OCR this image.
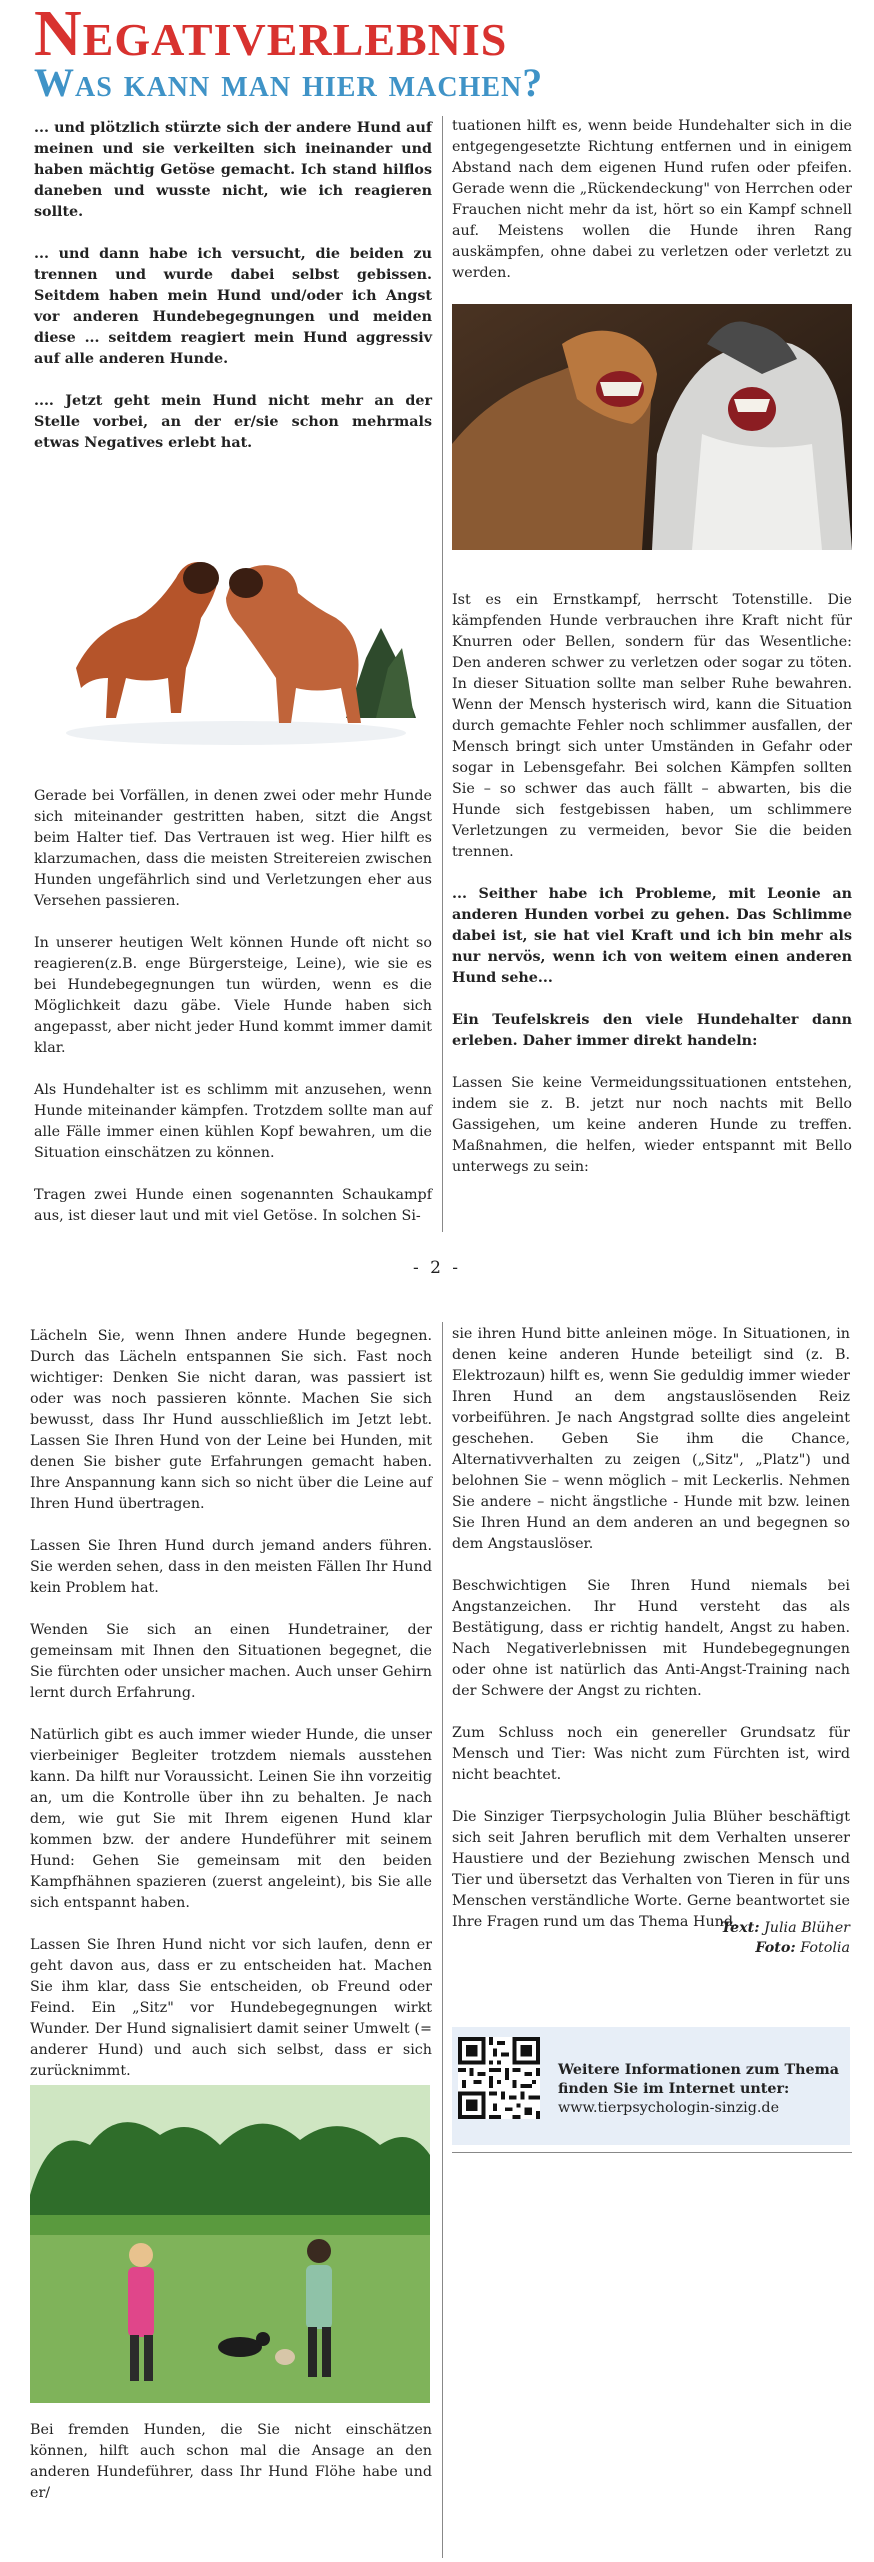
Negativerlebnis
Was kann man hier machen?

... und plötzlich stürzte sich der andere Hund auf meinen und sie verkeilten sich ineinander und haben mächtig Getöse gemacht. Ich stand hilflos daneben und wusste nicht, wie ich reagieren sollte.

... und dann habe ich versucht, die beiden zu trennen und wurde dabei selbst gebissen. Seitdem haben mein Hund und/oder ich Angst vor anderen Hundebegegnungen und meiden diese ... seitdem reagiert mein Hund aggressiv auf alle anderen Hunde.

.... Jetzt geht mein Hund nicht mehr an der Stelle vorbei, an der er/sie schon mehrmals etwas Negatives erlebt hat.

Gerade bei Vorfällen, in denen zwei oder mehr Hunde sich miteinander gestritten haben, sitzt die Angst beim Halter tief. Das Vertrauen ist weg. Hier hilft es klarzumachen, dass die meisten Streitereien zwischen Hunden ungefährlich sind und Verletzungen eher aus Versehen passieren.

In unserer heutigen Welt können Hunde oft nicht so reagieren(z.B. enge Bürgersteige, Leine), wie sie es bei Hundebegegnungen tun würden, wenn es die Möglichkeit dazu gäbe. Viele Hunde haben sich angepasst, aber nicht jeder Hund kommt immer damit klar.

Als Hundehalter ist es schlimm mit anzusehen, wenn Hunde miteinander kämpfen. Trotzdem sollte man auf alle Fälle immer einen kühlen Kopf bewahren, um die Situation einschätzen zu können.

Tragen zwei Hunde einen sogenannten Schaukampf aus, ist dieser laut und mit viel Getöse. In solchen Si-

tuationen hilft es, wenn beide Hundehalter sich in die entgegengesetzte Richtung entfernen und in einigem Abstand nach dem eigenen Hund rufen oder pfeifen. Gerade wenn die „Rückendeckung" von Herrchen oder Frauchen nicht mehr da ist, hört so ein Kampf schnell auf. Meistens wollen die Hunde ihren Rang auskämpfen, ohne dabei zu verletzen oder verletzt zu werden.

Ist es ein Ernstkampf, herrscht Totenstille. Die kämpfenden Hunde verbrauchen ihre Kraft nicht für Knurren oder Bellen, sondern für das Wesentliche: Den anderen schwer zu verletzen oder sogar zu töten. In dieser Situation sollte man selber Ruhe bewahren. Wenn der Mensch hysterisch wird, kann die Situation durch gemachte Fehler noch schlimmer ausfallen, der Mensch bringt sich unter Umständen in Gefahr oder sogar in Lebensgefahr. Bei solchen Kämpfen sollten Sie – so schwer das auch fällt – abwarten, bis die Hunde sich festgebissen haben, um schlimmere Verletzungen zu vermeiden, bevor Sie die beiden trennen.

... Seither habe ich Probleme, mit Leonie an anderen Hunden vorbei zu gehen. Das Schlimme dabei ist, sie hat viel Kraft und ich bin mehr als nur nervös, wenn ich von weitem einen anderen Hund sehe...

Ein Teufelskreis den viele Hundehalter dann erleben. Daher immer direkt handeln:

Lassen Sie keine Vermeidungssituationen entstehen, indem sie z. B. jetzt nur noch nachts mit Bello Gassigehen, um keine anderen Hunde zu treffen. Maßnahmen, die helfen, wieder entspannt mit Bello unterwegs zu sein:

- 2 -

Lächeln Sie, wenn Ihnen andere Hunde begegnen. Durch das Lächeln entspannen Sie sich. Fast noch wichtiger: Denken Sie nicht daran, was passiert ist oder was noch passieren könnte. Machen Sie sich bewusst, dass Ihr Hund ausschließlich im Jetzt lebt. Lassen Sie Ihren Hund von der Leine bei Hunden, mit denen Sie bisher gute Erfahrungen gemacht haben. Ihre Anspannung kann sich so nicht über die Leine auf Ihren Hund übertragen.

Lassen Sie Ihren Hund durch jemand anders führen. Sie werden sehen, dass in den meisten Fällen Ihr Hund kein Problem hat.

Wenden Sie sich an einen Hundetrainer, der gemeinsam mit Ihnen den Situationen begegnet, die Sie fürchten oder unsicher machen. Auch unser Gehirn lernt durch Erfahrung.

Natürlich gibt es auch immer wieder Hunde, die unser vierbeiniger Begleiter trotzdem niemals ausstehen kann. Da hilft nur Voraussicht. Leinen Sie ihn vorzeitig an, um die Kontrolle über ihn zu behalten. Je nach dem, wie gut Sie mit Ihrem eigenen Hund klar kommen bzw. der andere Hundeführer mit seinem Hund: Gehen Sie gemeinsam mit den beiden Kampfhähnen spazieren (zuerst angeleint), bis Sie alle sich entspannt haben.

Lassen Sie Ihren Hund nicht vor sich laufen, denn er geht davon aus, dass er zu entscheiden hat. Machen Sie ihm klar, dass Sie entscheiden, ob Freund oder Feind. Ein „Sitz" vor Hundebegegnungen wirkt Wunder. Der Hund signalisiert damit seiner Umwelt (= anderer Hund) und auch sich selbst, dass er sich zurücknimmt.

Bei fremden Hunden, die Sie nicht einschätzen können, hilft auch schon mal die Ansage an den anderen Hundeführer, dass Ihr Hund Flöhe habe und er/

sie ihren Hund bitte anleinen möge. In Situationen, in denen keine anderen Hunde beteiligt sind (z. B. Elektrozaun) hilft es, wenn Sie geduldig immer wieder Ihren Hund an dem angstauslösenden Reiz vorbeiführen. Je nach Angstgrad sollte dies angeleint geschehen. Geben Sie ihm die Chance, Alternativverhalten zu zeigen („Sitz", „Platz") und belohnen Sie – wenn möglich – mit Leckerlis. Nehmen Sie andere – nicht ängstliche - Hunde mit bzw. leinen Sie Ihren Hund an dem anderen an und begegnen so dem Angstauslöser.

Beschwichtigen Sie Ihren Hund niemals bei Angstanzeichen. Ihr Hund versteht das als Bestätigung, dass er richtig handelt, Angst zu haben. Nach Negativerlebnissen mit Hundebegegnungen oder ohne ist natürlich das Anti-Angst-Training nach der Schwere der Angst zu richten.

Zum Schluss noch ein genereller Grundsatz für Mensch und Tier: Was nicht zum Fürchten ist, wird nicht beachtet.

Die Sinziger Tierpsychologin Julia Blüher beschäftigt sich seit Jahren beruflich mit dem Verhalten unserer Haustiere und der Beziehung zwischen Mensch und Tier und übersetzt das Verhalten von Tieren in für uns Menschen verständliche Worte. Gerne beantwortet sie Ihre Fragen rund um das Thema Hund.

Text: Julia Blüher
Foto: Fotolia
Weitere Informationen zum Thema finden Sie im Internet unter:
www.tierpsychologin-sinzig.de
